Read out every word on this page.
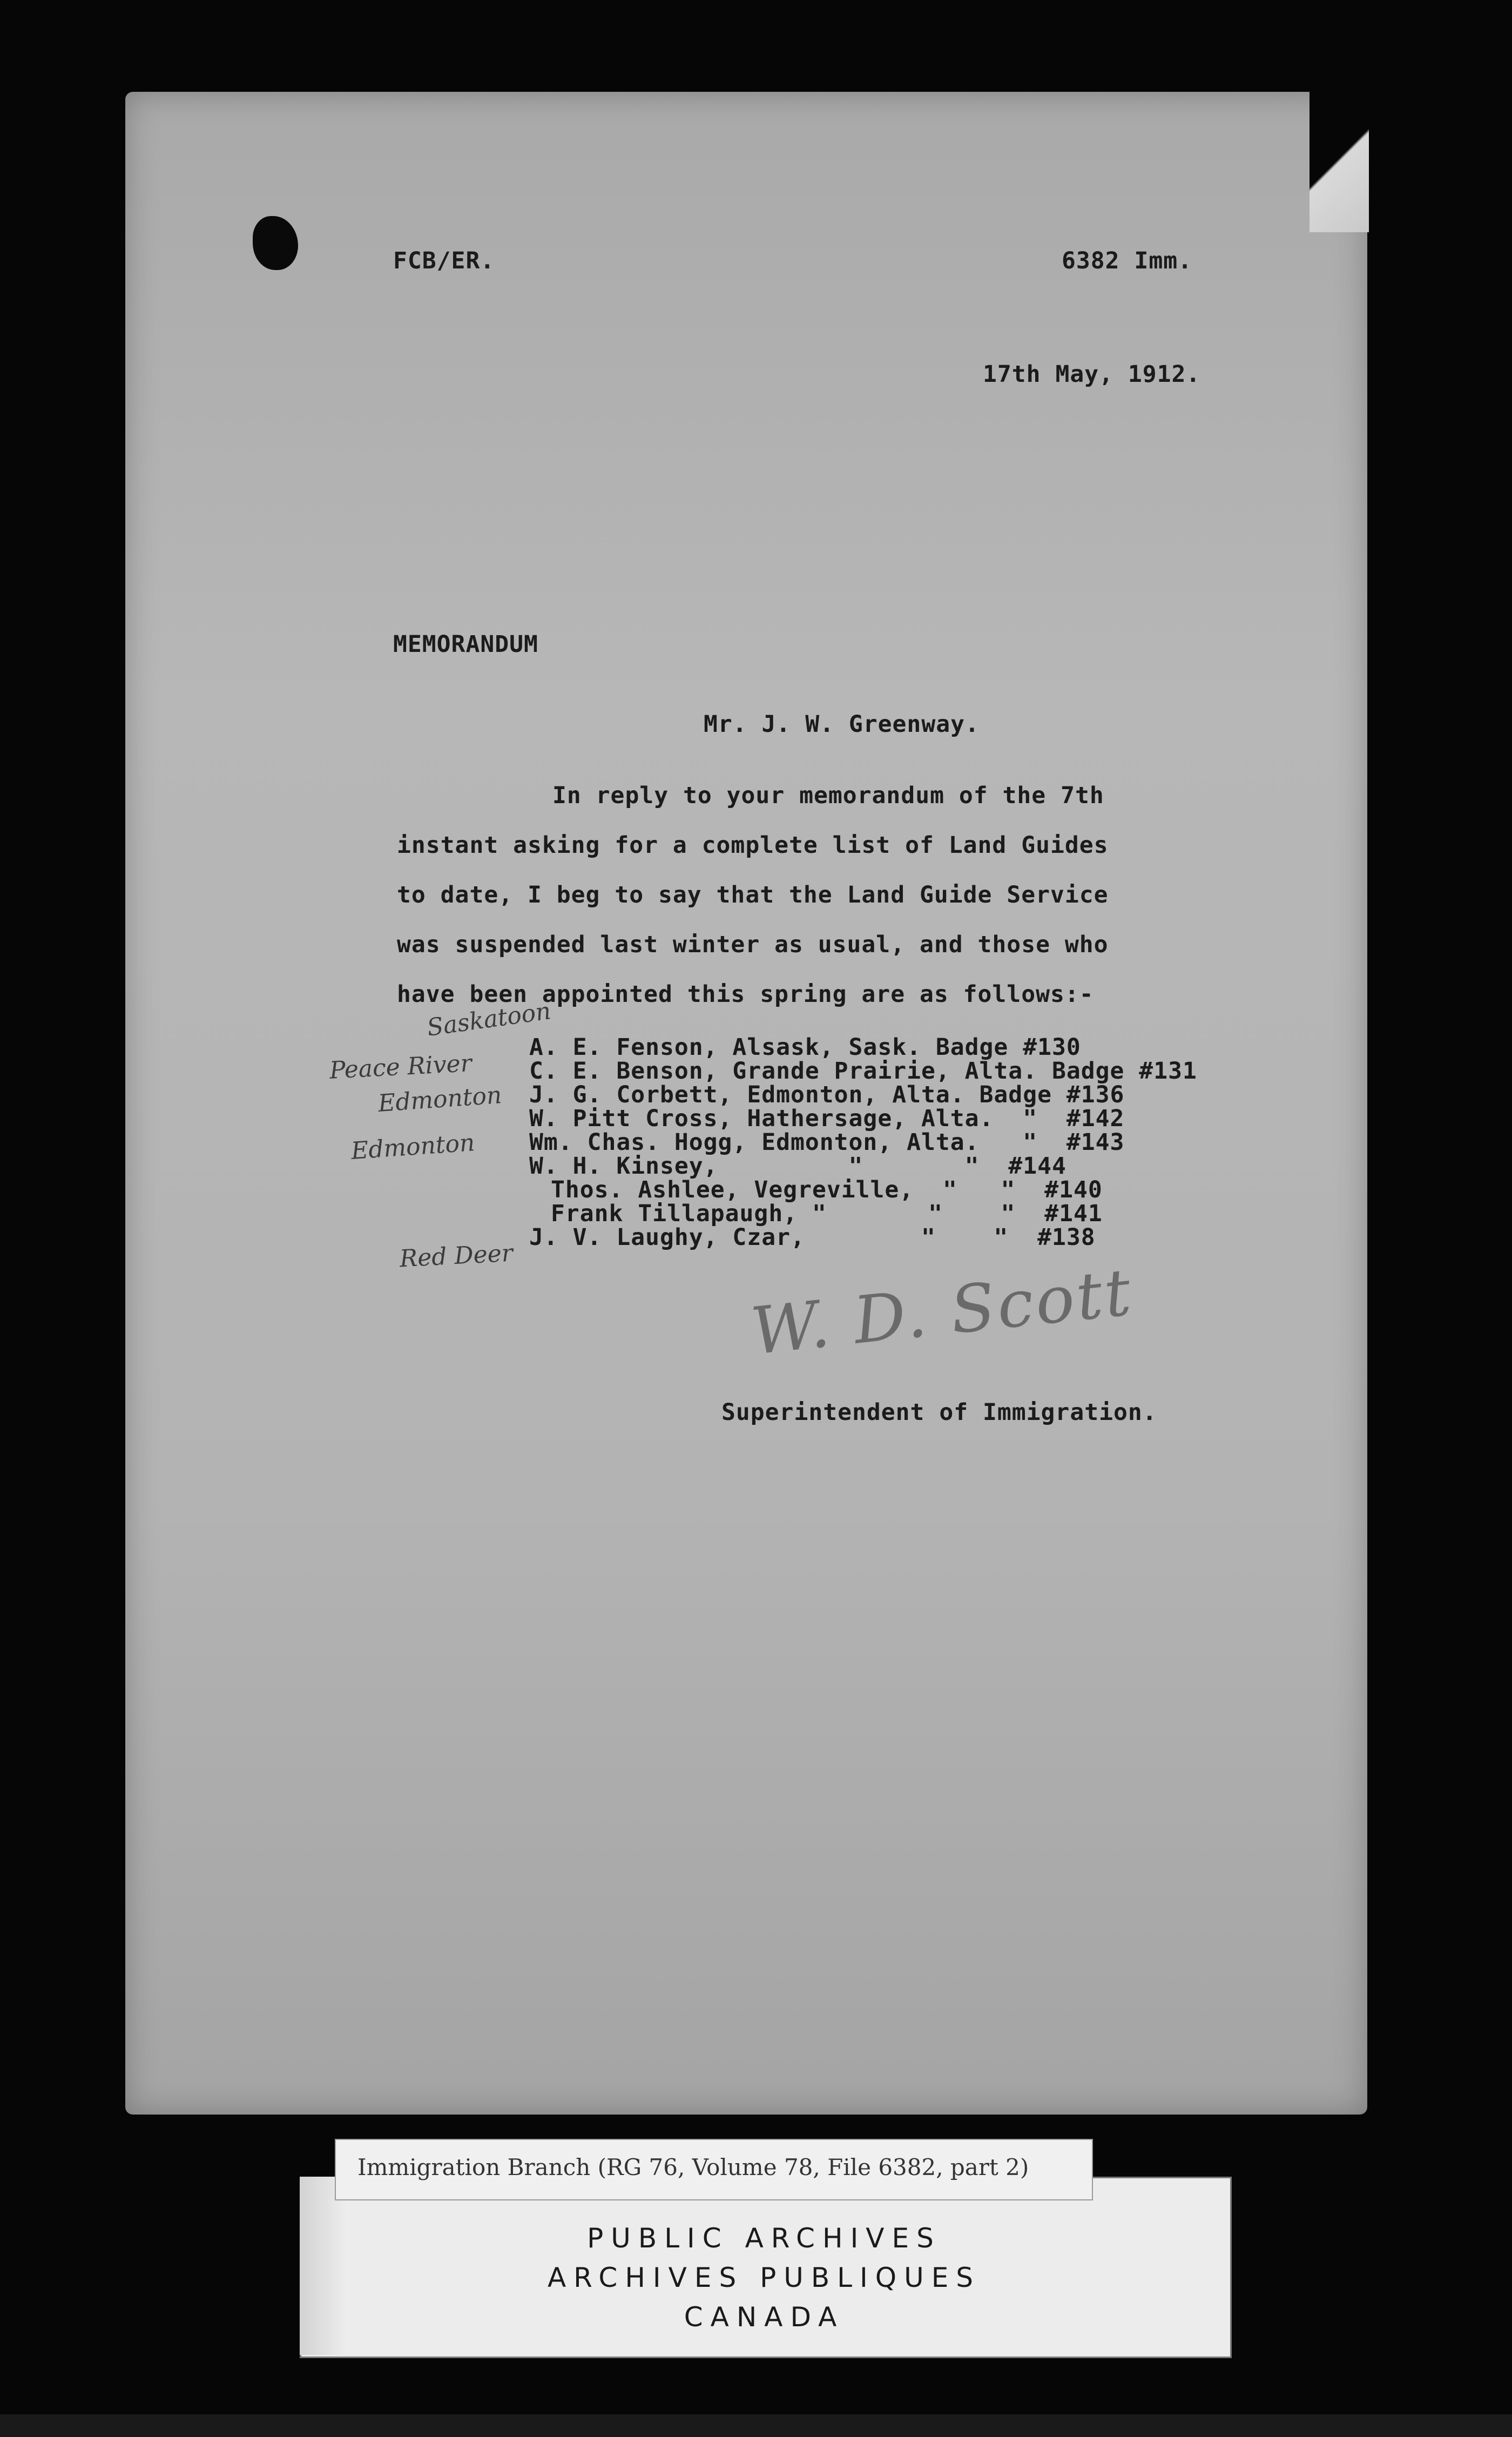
FCB/ER.	6382 Imm.
17th May, 1912.
MEMORANDUM
Mr. J. W. Greenway.
In reply to your memorandum of the 7th
instant asking for a complete list of Land Guides
to date, I beg to say that the Land Guide Service
was suspended last winter as usual, and those who
have been appointed this spring are as follows:-
A. E. Fenson, Alsask, Sask. Badge #130
C. E. Benson, Grande Prairie, Alta. Badge #131
J. G. Corbett, Edmonton, Alta. Badge #136
W. Pitt Cross, Hathersage, Alta.  "  #142
Wm. Chas. Hogg, Edmonton, Alta.   "  #143
W. H. Kinsey,         "       "  #144
Thos. Ashlee, Vegreville,  "   "  #140
Frank Tillapaugh, "       "    "  #141
J. V. Laughy, Czar,        "    "  #138
Saskatoon
Peace River
Edmonton
Edmonton
Red Deer	W. D. Scott
Superintendent of Immigration.
Immigration Branch (RG 76, Volume 78, File 6382, part 2)
PUBLIC ARCHIVES
ARCHIVES PUBLIQUES
CANADA
